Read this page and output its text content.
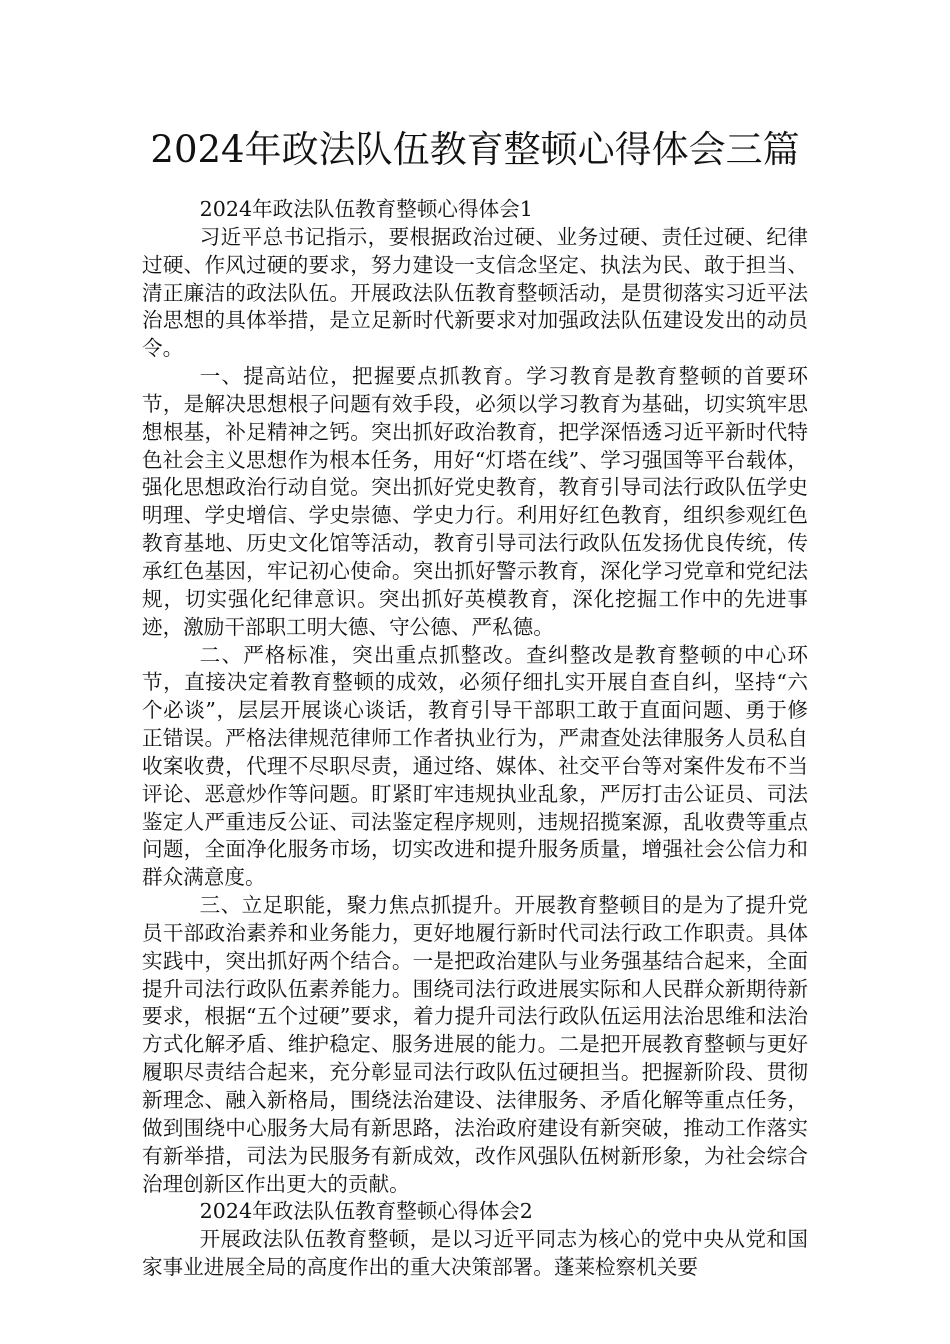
2024年政法队伍教育整顿心得体会三篇

2024年政法队伍教育整顿心得体会1

习近平总书记指示，要根据政治过硬、业务过硬、责任过硬、纪律过硬、作风过硬的要求，努力建设一支信念坚定、执法为民、敢于担当、清正廉洁的政法队伍。开展政法队伍教育整顿活动，是贯彻落实习近平法治思想的具体举措，是立足新时代新要求对加强政法队伍建设发出的动员令。

一、提高站位，把握要点抓教育。学习教育是教育整顿的首要环节，是解决思想根子问题有效手段，必须以学习教育为基础，切实筑牢思想根基，补足精神之钙。突出抓好政治教育，把学深悟透习近平新时代特色社会主义思想作为根本任务，用好“灯塔在线”、学习强国等平台载体，强化思想政治行动自觉。突出抓好党史教育，教育引导司法行政队伍学史明理、学史增信、学史崇德、学史力行。利用好红色教育，组织参观红色教育基地、历史文化馆等活动，教育引导司法行政队伍发扬优良传统，传承红色基因，牢记初心使命。突出抓好警示教育，深化学习党章和党纪法规，切实强化纪律意识。突出抓好英模教育，深化挖掘工作中的先进事迹，激励干部职工明大德、守公德、严私德。

二、严格标准，突出重点抓整改。查纠整改是教育整顿的中心环节，直接决定着教育整顿的成效，必须仔细扎实开展自查自纠，坚持“六个必谈”，层层开展谈心谈话，教育引导干部职工敢于直面问题、勇于修正错误。严格法律规范律师工作者执业行为，严肃查处法律服务人员私自收案收费，代理不尽职尽责，通过络、媒体、社交平台等对案件发布不当评论、恶意炒作等问题。盯紧盯牢违规执业乱象，严厉打击公证员、司法鉴定人严重违反公证、司法鉴定程序规则，违规招揽案源，乱收费等重点问题，全面净化服务市场，切实改进和提升服务质量，增强社会公信力和群众满意度。

三、立足职能，聚力焦点抓提升。开展教育整顿目的是为了提升党员干部政治素养和业务能力，更好地履行新时代司法行政工作职责。具体实践中，突出抓好两个结合。一是把政治建队与业务强基结合起来，全面提升司法行政队伍素养能力。围绕司法行政进展实际和人民群众新期待新要求，根据“五个过硬”要求，着力提升司法行政队伍运用法治思维和法治方式化解矛盾、维护稳定、服务进展的能力。二是把开展教育整顿与更好履职尽责结合起来，充分彰显司法行政队伍过硬担当。把握新阶段、贯彻新理念、融入新格局，围绕法治建设、法律服务、矛盾化解等重点任务，做到围绕中心服务大局有新思路，法治政府建设有新突破，推动工作落实有新举措，司法为民服务有新成效，改作风强队伍树新形象，为社会综合治理创新区作出更大的贡献。

2024年政法队伍教育整顿心得体会2

开展政法队伍教育整顿，是以习近平同志为核心的党中央从党和国家事业进展全局的高度作出的重大决策部署。蓬莱检察机关要
